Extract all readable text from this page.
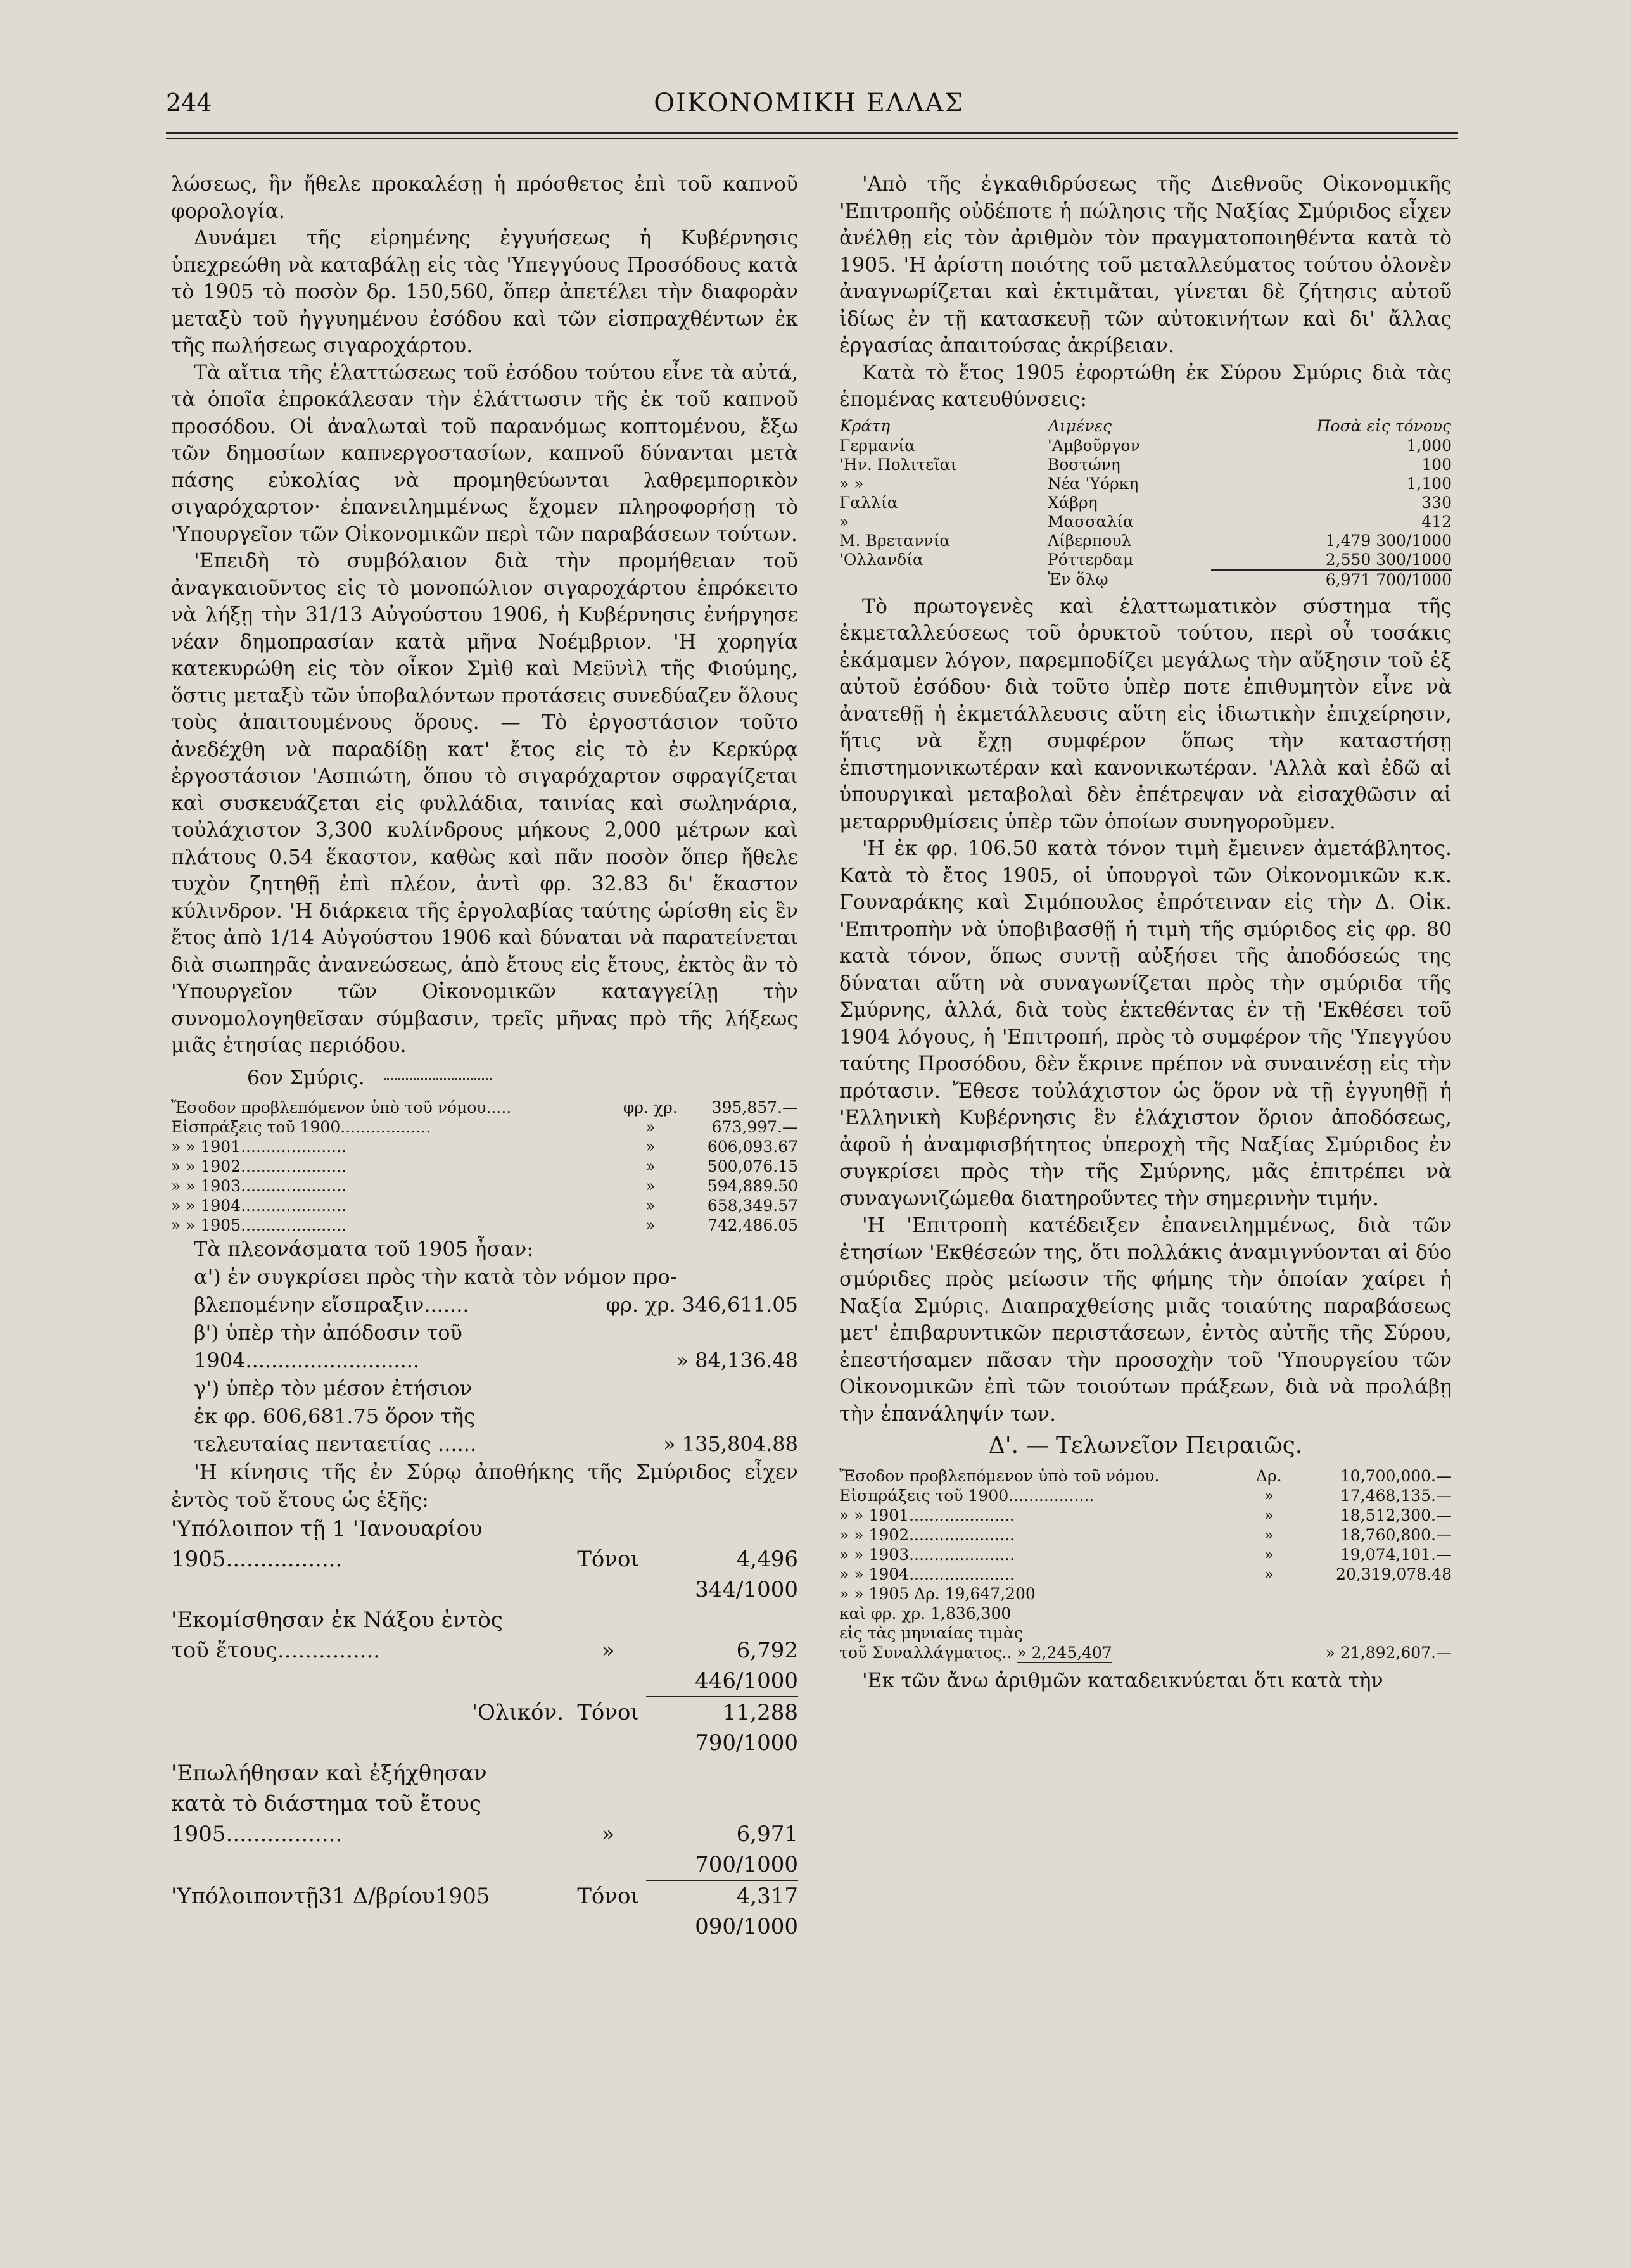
244	ΟΙΚΟΝΟΜΙΚΗ ΕΛΛΑΣ

λώσεως, ἣν ἤθελε προκαλέσῃ ἡ πρόσθετος ἐπὶ τοῦ καπνοῦ φορολογία.

Δυνάμει τῆς εἰρημένης ἐγγυήσεως ἡ Κυβέρνησις ὑπεχρεώθη νὰ καταβάλῃ εἰς τὰς 'Υπεγγύους Προσόδους κατὰ τὸ 1905 τὸ ποσὸν δρ. 150,560, ὅπερ ἀπετέλει τὴν διαφορὰν μεταξὺ τοῦ ἠγγυημένου ἐσόδου καὶ τῶν εἰσπραχθέντων ἐκ τῆς πωλήσεως σιγαροχάρτου.

Τὰ αἴτια τῆς ἐλαττώσεως τοῦ ἐσόδου τούτου εἶνε τὰ αὐτά, τὰ ὁποῖα ἐπροκάλεσαν τὴν ἐλάττωσιν τῆς ἐκ τοῦ καπνοῦ προσόδου. Οἱ ἀναλωταὶ τοῦ παρανόμως κοπτομένου, ἔξω τῶν δημοσίων καπνεργοστασίων, καπνοῦ δύνανται μετὰ πάσης εὐκολίας νὰ προμηθεύωνται λαθρεμπορικὸν σιγαρόχαρτον· ἐπανειλημμένως ἔχομεν πληροφορήσῃ τὸ 'Υπουργεῖον τῶν Οἰκονομικῶν περὶ τῶν παραβάσεων τούτων.

'Επειδὴ τὸ συμβόλαιον διὰ τὴν προμήθειαν τοῦ ἀναγκαιοῦντος εἰς τὸ μονοπώλιον σιγαροχάρτου ἐπρόκειτο νὰ λήξῃ τὴν 31/13 Αὐγούστου 1906, ἡ Κυβέρνησις ἐνήργησε νέαν δημοπρασίαν κατὰ μῆνα Νοέμβριον. 'Η χορηγία κατεκυρώθη εἰς τὸν οἶκον Σμὶθ καὶ Μεϋνὶλ τῆς Φιούμης, ὅστις μεταξὺ τῶν ὑποβαλόντων προτάσεις συνεδύαζεν ὅλους τοὺς ἀπαιτουμένους ὅρους. — Τὸ ἐργοστάσιον τοῦτο ἀνεδέχθη νὰ παραδίδῃ κατ' ἔτος εἰς τὸ ἐν Κερκύρᾳ ἐργοστάσιον 'Ασπιώτη, ὅπου τὸ σιγαρόχαρτον σφραγίζεται καὶ συσκευάζεται εἰς φυλλάδια, ταινίας καὶ σωληνάρια, τοὐλάχιστον 3,300 κυλίνδρους μήκους 2,000 μέτρων καὶ πλάτους 0.54 ἕκαστον, καθὼς καὶ πᾶν ποσὸν ὅπερ ἤθελε τυχὸν ζητηθῇ ἐπὶ πλέον, ἀντὶ φρ. 32.83 δι' ἕκαστον κύλινδρον. 'Η διάρκεια τῆς ἐργολαβίας ταύτης ὡρίσθη εἰς ἓν ἔτος ἀπὸ 1/14 Αὐγούστου 1906 καὶ δύναται νὰ παρατείνεται διὰ σιωπηρᾶς ἀνανεώσεως, ἀπὸ ἔτους εἰς ἔτους, ἐκτὸς ἂν τὸ 'Υπουργεῖον τῶν Οἰκονομικῶν καταγγείλῃ τὴν συνομολογηθεῖσαν σύμβασιν, τρεῖς μῆνας πρὸ τῆς λήξεως μιᾶς ἐτησίας περιόδου.

6ον Σμύρις.
Ἔσοδον προβλεπόμενον ὑπὸ τοῦ νόμου.....	φρ. χρ.	395,857.—
Εἰσπράξεις τοῦ 1900..................	»	673,997.—
» » 1901.....................	»	606,093.67
» » 1902.....................	»	500,076.15
» » 1903.....................	»	594,889.50
» » 1904.....................	»	658,349.57
» » 1905.....................	»	742,486.05

Τὰ πλεονάσματα τοῦ 1905 ἦσαν:

α') ἐν συγκρίσει πρὸς τὴν κατὰ τὸν νόμον προ-
βλεπομένην εἴσπραξιν.......	φρ. χρ. 346,611.05
β') ὑπὲρ τὴν ἀπόδοσιν τοῦ
1904...........................	» 84,136.48
γ') ὑπὲρ τὸν μέσον ἐτήσιον
ἐκ φρ. 606,681.75 ὅρον τῆς
τελευταίας πενταετίας ......	» 135,804.88

'Η κίνησις τῆς ἐν Σύρῳ ἀποθήκης τῆς Σμύριδος εἶχεν ἐντὸς τοῦ ἔτους ὡς ἑξῆς:

'Υπόλοιπον τῇ 1 'Ιανουαρίου
1905.................	Τόνοι	4,496 344/1000
'Εκομίσθησαν ἐκ Νάξου ἐντὸς
τοῦ ἔτους...............	»	6,792 446/1000
'Ολικόν. Τόνοι	11,288 790/1000
'Επωλήθησαν καὶ ἐξήχθησαν
κατὰ τὸ διάστημα τοῦ ἔτους
1905.................	»	6,971 700/1000
'Υπόλοιποντῇ31 Δ/βρίου1905	Τόνοι	4,317 090/1000

'Απὸ τῆς ἐγκαθιδρύσεως τῆς Διεθνοῦς Οἰκονομικῆς 'Επιτροπῆς οὐδέποτε ἡ πώλησις τῆς Ναξίας Σμύριδος εἶχεν ἀνέλθῃ εἰς τὸν ἀριθμὸν τὸν πραγματοποιηθέντα κατὰ τὸ 1905. 'Η ἀρίστη ποιότης τοῦ μεταλλεύματος τούτου ὁλονὲν ἀναγνωρίζεται καὶ ἐκτιμᾶται, γίνεται δὲ ζήτησις αὐτοῦ ἰδίως ἐν τῇ κατασκευῇ τῶν αὐτοκινήτων καὶ δι' ἄλλας ἐργασίας ἀπαιτούσας ἀκρίβειαν.

Κατὰ τὸ ἔτος 1905 ἐφορτώθη ἐκ Σύρου Σμύρις διὰ τὰς ἑπομένας κατευθύνσεις:

Κράτη	Λιμένες	Ποσὰ εἰς τόνους
Γερμανία	'Αμβοῦργον	1,000
'Ην. Πολιτεῖαι	Βοστώνη	100
» »	Νέα 'Υόρκη	1,100
Γαλλία	Χάβρη	330
»	Μασσαλία	412
Μ. Βρεταννία	Λίβερπουλ	1,479 300/1000
'Ολλανδία	Ρόττερδαμ	2,550 300/1000
	Ἐν ὅλῳ	6,971 700/1000

Τὸ πρωτογενὲς καὶ ἐλαττωματικὸν σύστημα τῆς ἐκμεταλλεύσεως τοῦ ὀρυκτοῦ τούτου, περὶ οὗ τοσάκις ἐκάμαμεν λόγον, παρεμποδίζει μεγάλως τὴν αὔξησιν τοῦ ἐξ αὐτοῦ ἐσόδου· διὰ τοῦτο ὑπὲρ ποτε ἐπιθυμητὸν εἶνε νὰ ἀνατεθῇ ἡ ἐκμετάλλευσις αὕτη εἰς ἰδιωτικὴν ἐπιχείρησιν, ἥτις νὰ ἔχῃ συμφέρον ὅπως τὴν καταστήσῃ ἐπιστημονικωτέραν καὶ κανονικωτέραν. 'Αλλὰ καὶ ἐδῶ αἱ ὑπουργικαὶ μεταβολαὶ δὲν ἐπέτρεψαν νὰ εἰσαχθῶσιν αἱ μεταρρυθμίσεις ὑπὲρ τῶν ὁποίων συνηγοροῦμεν.

'Η ἐκ φρ. 106.50 κατὰ τόνον τιμὴ ἔμεινεν ἀμετάβλητος. Κατὰ τὸ ἔτος 1905, οἱ ὑπουργοὶ τῶν Οἰκονομικῶν κ.κ. Γουναράκης καὶ Σιμόπουλος ἐπρότειναν εἰς τὴν Δ. Οἰκ. 'Επιτροπὴν νὰ ὑποβιβασθῇ ἡ τιμὴ τῆς σμύριδος εἰς φρ. 80 κατὰ τόνον, ὅπως συντῇ αὐξήσει τῆς ἀποδόσεώς της δύναται αὕτη νὰ συναγωνίζεται πρὸς τὴν σμύριδα τῆς Σμύρνης, ἀλλά, διὰ τοὺς ἐκτεθέντας ἐν τῇ 'Εκθέσει τοῦ 1904 λόγους, ἡ 'Επιτροπή, πρὸς τὸ συμφέρον τῆς 'Υπεγγύου ταύτης Προσόδου, δὲν ἔκρινε πρέπον νὰ συναινέσῃ εἰς τὴν πρότασιν. Ἔθεσε τοὐλάχιστον ὡς ὅρον νὰ τῇ ἐγγυηθῇ ἡ 'Ελληνικὴ Κυβέρνησις ἓν ἐλάχιστον ὅριον ἀποδόσεως, ἀφοῦ ἡ ἀναμφισβήτητος ὑπεροχὴ τῆς Ναξίας Σμύριδος ἐν συγκρίσει πρὸς τὴν τῆς Σμύρνης, μᾶς ἐπιτρέπει νὰ συναγωνιζώμεθα διατηροῦντες τὴν σημερινὴν τιμήν.

'Η 'Επιτροπὴ κατέδειξεν ἐπανειλημμένως, διὰ τῶν ἐτησίων 'Εκθέσεών της, ὅτι πολλάκις ἀναμιγνύονται αἱ δύο σμύριδες πρὸς μείωσιν τῆς φήμης τὴν ὁποίαν χαίρει ἡ Ναξία Σμύρις. Διαπραχθείσης μιᾶς τοιαύτης παραβάσεως μετ' ἐπιβαρυντικῶν περιστάσεων, ἐντὸς αὐτῆς τῆς Σύρου, ἐπεστήσαμεν πᾶσαν τὴν προσοχὴν τοῦ 'Υπουργείου τῶν Οἰκονομικῶν ἐπὶ τῶν τοιούτων πράξεων, διὰ νὰ προλάβῃ τὴν ἐπανάληψίν των.

Δ'. — Τελωνεῖον Πειραιῶς.
Ἔσοδον προβλεπόμενον ὑπὸ τοῦ νόμου.	Δρ.	10,700,000.—
Εἰσπράξεις τοῦ 1900.................	»	17,468,135.—
» » 1901.....................	»	18,512,300.—
» » 1902.....................	»	18,760,800.—
» » 1903.....................	»	19,074,101.—
» » 1904.....................	»	20,319,078.48
» » 1905 Δρ. 19,647,200		
καὶ φρ. χρ. 1,836,300		
εἰς τὰς μηνιαίας τιμὰς		
τοῦ Συναλλάγματος.. » 2,245,407		» 21,892,607.—

'Εκ τῶν ἄνω ἀριθμῶν καταδεικνύεται ὅτι κατὰ τὴν
